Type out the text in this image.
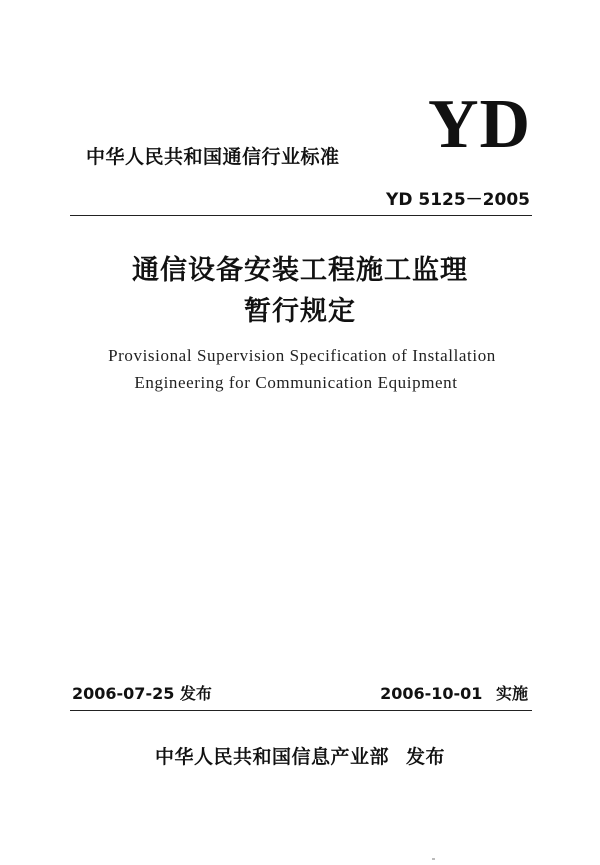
YD
中华人民共和国通信行业标准
YD 5125－2005
通信设备安装工程施工监理
暂行规定
Provisional Supervision Specification of Installation
Engineering for Communication Equipment
2006-07-25 发布	2006-10-01 实施
中华人民共和国信息产业部 发布
